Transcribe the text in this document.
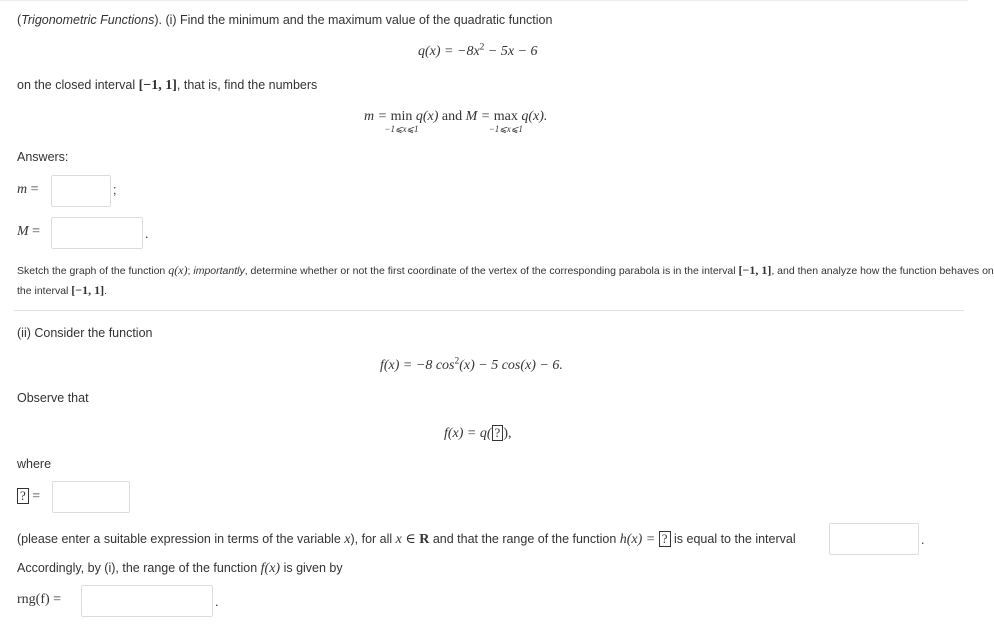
(Trigonometric Functions). (i) Find the minimum and the maximum value of the quadratic function
$q(x) = -8x^2 - 5x - 6$
on the closed interval [−1, 1], that is, find the numbers
m = min
−1⩽x⩽1
q(x) and M = max
−1⩽x⩽1
q(x).
Answers:
m =	;
M =	.
Sketch the graph of the function q(x); importantly, determine whether or not the first coordinate of the vertex of the corresponding parabola is in the interval [−1, 1], and then analyze how the function behaves on
the interval [−1, 1].
(ii) Consider the function
f(x) = −8 $\cos^2(x) - 5$ cos(x) − 6.
Observe that
f(x) = q( ? ),
where
? =
(please enter a suitable expression in terms of the variable x), for all x ∈ R and that the range of the function h(x) = ? is equal to the interval	.
Accordingly, by (i), the range of the function f(x) is given by
rng(f) =	.
